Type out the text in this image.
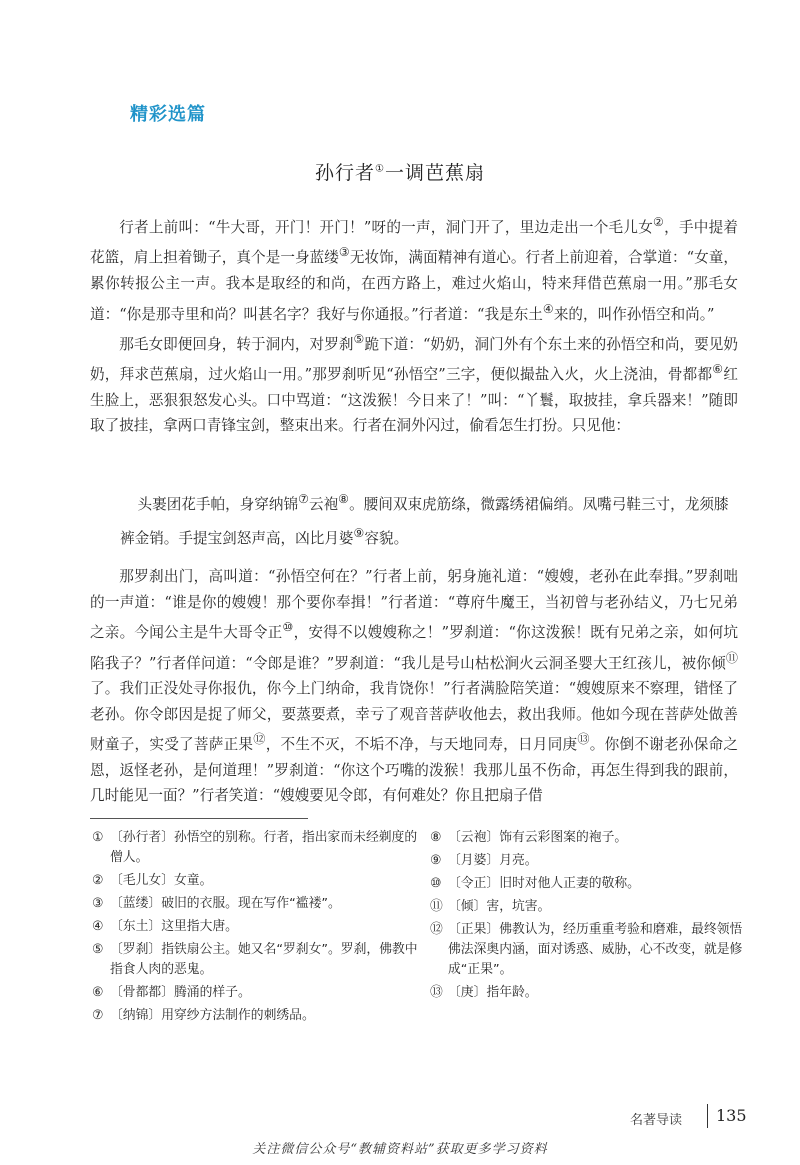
精彩选篇
孙行者①一调芭蕉扇

行者上前叫：“牛大哥，开门！开门！”呀的一声，洞门开了，里边走出一个毛儿女②，手中提着花篮，肩上担着锄子，真个是一身蓝缕③无妆饰，满面精神有道心。行者上前迎着，合掌道：“女童，累你转报公主一声。我本是取经的和尚，在西方路上，难过火焰山，特来拜借芭蕉扇一用。”那毛女道：“你是那寺里和尚？叫甚名字？我好与你通报。”行者道：“我是东土④来的，叫作孙悟空和尚。”

那毛女即便回身，转于洞内，对罗刹⑤跪下道：“奶奶，洞门外有个东土来的孙悟空和尚，要见奶奶，拜求芭蕉扇，过火焰山一用。”那罗刹听见“孙悟空”三字，便似撮盐入火，火上浇油，骨都都⑥红生脸上，恶狠狠怒发心头。口中骂道：“这泼猴！今日来了！”叫：“丫鬟，取披挂，拿兵器来！”随即取了披挂，拿两口青锋宝剑，整束出来。行者在洞外闪过，偷看怎生打扮。只见他：

头裹团花手帕，身穿纳锦⑦云袍⑧。腰间双束虎筋绦，微露绣裙偏绡。凤嘴弓鞋三寸，龙须膝裤金销。手提宝剑怒声高，凶比月婆⑨容貌。

那罗刹出门，高叫道：“孙悟空何在？”行者上前，躬身施礼道：“嫂嫂，老孙在此奉揖。”罗刹咄的一声道：“谁是你的嫂嫂！那个要你奉揖！”行者道：“尊府牛魔王，当初曾与老孙结义，乃七兄弟之亲。今闻公主是牛大哥令正⑩，安得不以嫂嫂称之！”罗刹道：“你这泼猴！既有兄弟之亲，如何坑陷我子？”行者佯问道：“令郎是谁？”罗刹道：“我儿是号山枯松涧火云洞圣婴大王红孩儿，被你倾⑪了。我们正没处寻你报仇，你今上门纳命，我肯饶你！”行者满脸陪笑道：“嫂嫂原来不察理，错怪了老孙。你令郎因是捉了师父，要蒸要煮，幸亏了观音菩萨收他去，救出我师。他如今现在菩萨处做善财童子，实受了菩萨正果⑫，不生不灭，不垢不净，与天地同寿，日月同庚⑬。你倒不谢老孙保命之恩，返怪老孙，是何道理！”罗刹道：“你这个巧嘴的泼猴！我那儿虽不伤命，再怎生得到我的跟前，几时能见一面？”行者笑道：“嫂嫂要见令郎，有何难处？你且把扇子借

① 〔孙行者〕孙悟空的别称。行者，指出家而未经剃度的僧人。
② 〔毛儿女〕女童。
③ 〔蓝缕〕破旧的衣服。现在写作“褴褛”。
④ 〔东土〕这里指大唐。
⑤ 〔罗刹〕指铁扇公主。她又名“罗刹女”。罗刹，佛教中指食人肉的恶鬼。
⑥ 〔骨都都〕腾涌的样子。
⑦ 〔纳锦〕用穿纱方法制作的刺绣品。
⑧ 〔云袍〕饰有云彩图案的袍子。
⑨ 〔月婆〕月亮。
⑩ 〔令正〕旧时对他人正妻的敬称。
⑪ 〔倾〕害，坑害。
⑫ 〔正果〕佛教认为，经历重重考验和磨难，最终领悟佛法深奥内涵，面对诱惑、威胁，心不改变，就是修成“正果”。
⑬ 〔庚〕指年龄。
名著导读 135
关注微信公众号“教辅资料站”获取更多学习资料
